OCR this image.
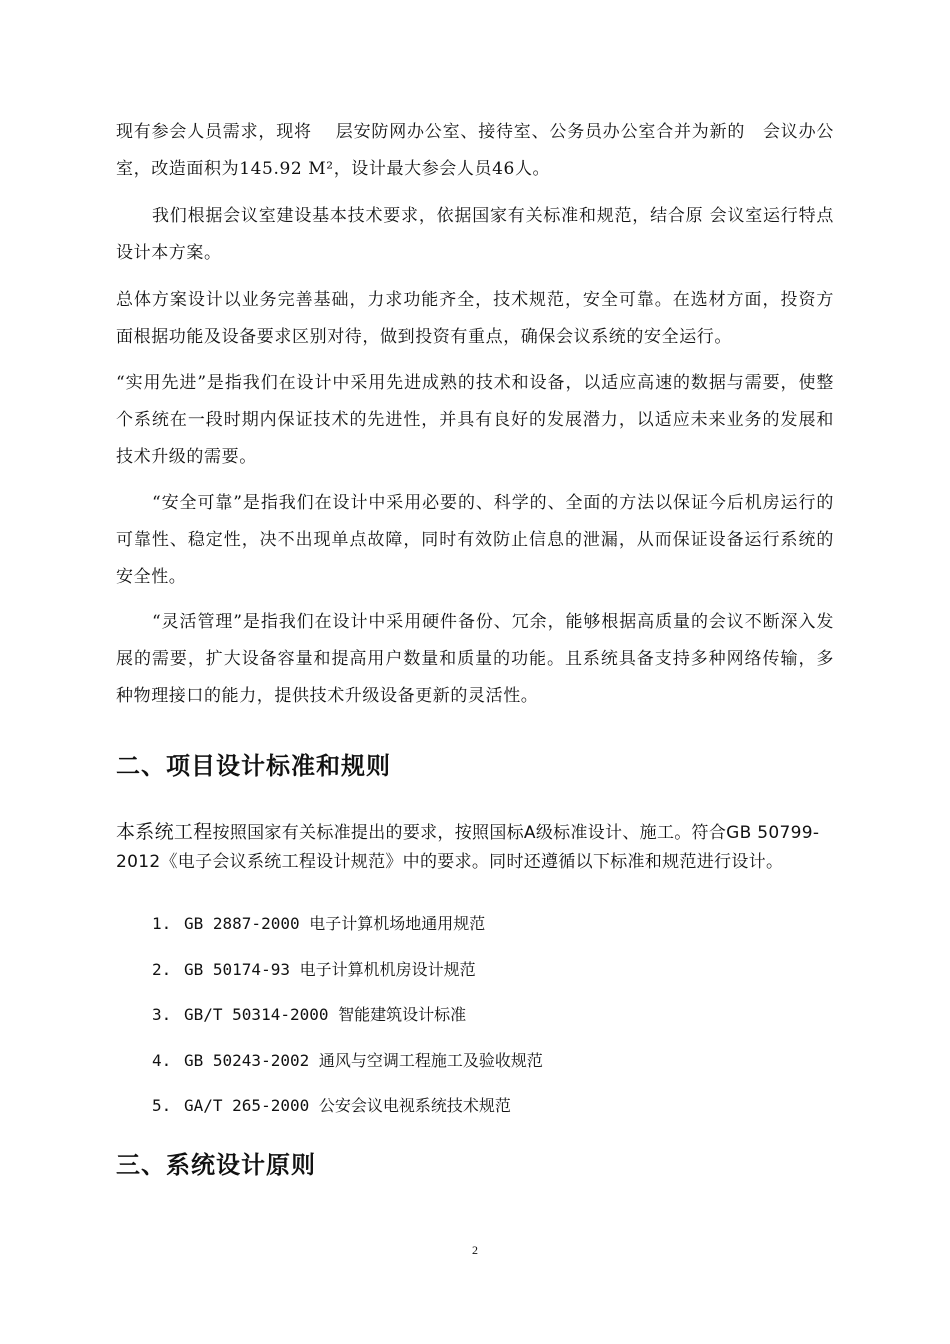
现有参会人员需求，现将　 层安防网办公室、接待室、公务员办公室合并为新的　会议办公室，改造面积为145.92 M²，设计最大参会人员46人。

我们根据会议室建设基本技术要求，依据国家有关标准和规范，结合原 会议室运行特点设计本方案。

总体方案设计以业务完善基础，力求功能齐全，技术规范，安全可靠。在选材方面，投资方面根据功能及设备要求区别对待，做到投资有重点，确保会议系统的安全运行。

“实用先进”是指我们在设计中采用先进成熟的技术和设备，以适应高速的数据与需要，使整个系统在一段时期内保证技术的先进性，并具有良好的发展潜力，以适应未来业务的发展和技术升级的需要。

“安全可靠”是指我们在设计中采用必要的、科学的、全面的方法以保证今后机房运行的可靠性、稳定性，决不出现单点故障，同时有效防止信息的泄漏，从而保证设备运行系统的安全性。

“灵活管理”是指我们在设计中采用硬件备份、冗余，能够根据高质量的会议不断深入发展的需要，扩大设备容量和提高用户数量和质量的功能。且系统具备支持多种网络传输，多种物理接口的能力，提供技术升级设备更新的灵活性。

二、项目设计标准和规则

本系统工程按照国家有关标准提出的要求，按照国标A级标准设计、施工。符合GB 50799-2012《电子会议系统工程设计规范》中的要求。同时还遵循以下标准和规范进行设计。

1. GB 2887-2000 电子计算机场地通用规范
2. GB 50174-93 电子计算机机房设计规范
3. GB/T 50314-2000 智能建筑设计标准
4. GB 50243-2002 通风与空调工程施工及验收规范
5. GA/T 265-2000 公安会议电视系统技术规范
三、系统设计原则
2
